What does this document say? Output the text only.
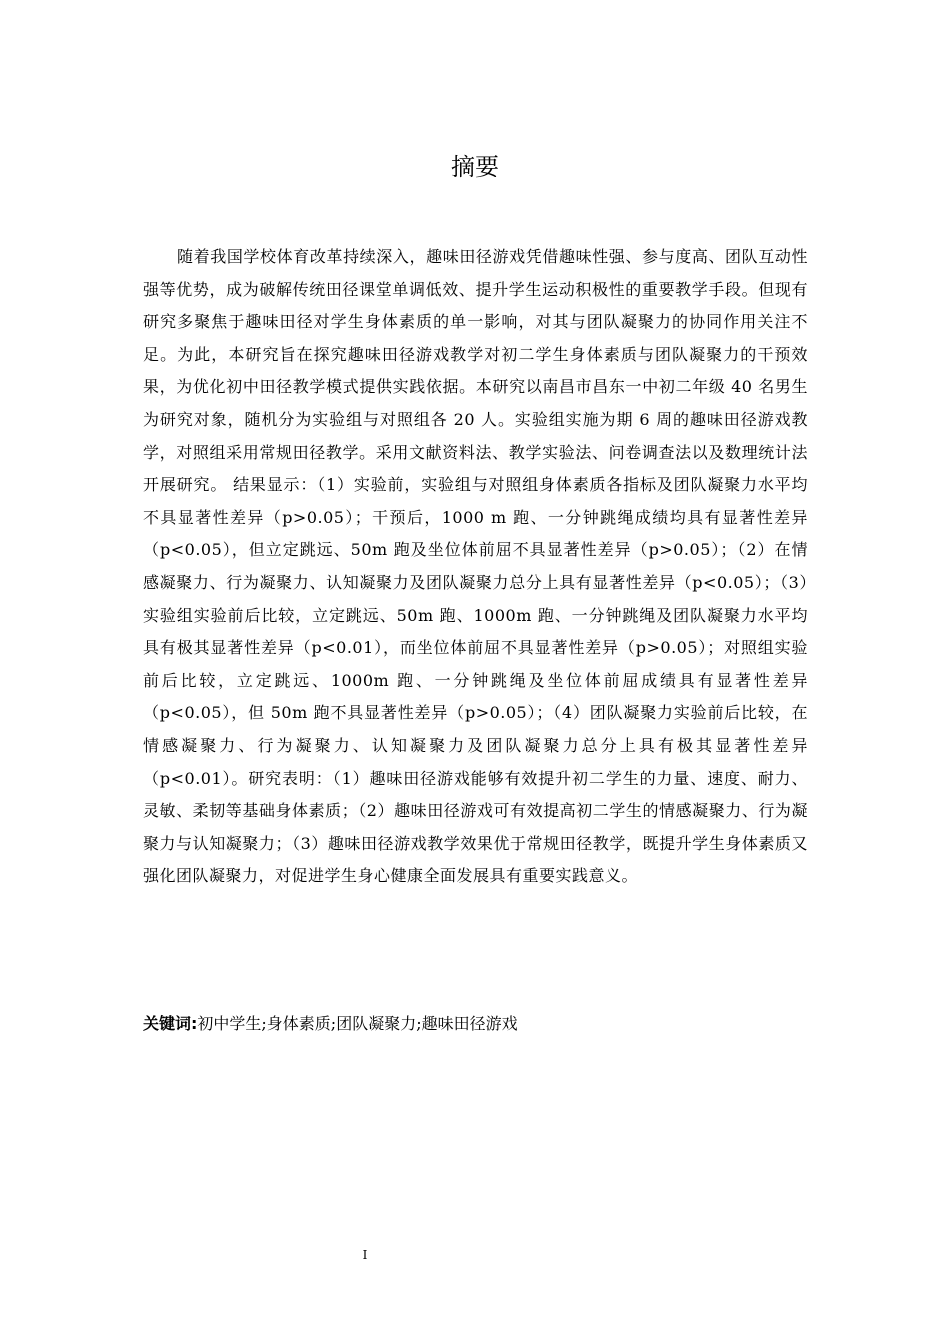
摘要

随着我国学校体育改革持续深入，趣味田径游戏凭借趣味性强、参与度高、团队互动性强等优势，成为破解传统田径课堂单调低效、提升学生运动积极性的重要教学手段。但现有研究多聚焦于趣味田径对学生身体素质的单一影响，对其与团队凝聚力的协同作用关注不足。为此，本研究旨在探究趣味田径游戏教学对初二学生身体素质与团队凝聚力的干预效果，为优化初中田径教学模式提供实践依据。本研究以南昌市昌东一中初二年级 40 名男生为研究对象，随机分为实验组与对照组各 20 人。实验组实施为期 6 周的趣味田径游戏教学，对照组采用常规田径教学。采用文献资料法、教学实验法、问卷调查法以及数理统计法开展研究。 结果显示：（1）实验前，实验组与对照组身体素质各指标及团队凝聚力水平均不具显著性差异（p>0.05）；干预后，1000 m 跑、一分钟跳绳成绩均具有显著性差异（p<0.05），但立定跳远、50m 跑及坐位体前屈不具显著性差异（p>0.05）；（2）在情感凝聚力、行为凝聚力、认知凝聚力及团队凝聚力总分上具有显著性差异（p<0.05）；（3）实验组实验前后比较，立定跳远、50m 跑、1000m 跑、一分钟跳绳及团队凝聚力水平均具有极其显著性差异（p<0.01），而坐位体前屈不具显著性差异（p>0.05）；对照组实验前后比较，立定跳远、1000m 跑、一分钟跳绳及坐位体前屈成绩具有显著性差异（p<0.05），但 50m 跑不具显著性差异（p>0.05）；（4）团队凝聚力实验前后比较，在情感凝聚力、行为凝聚力、认知凝聚力及团队凝聚力总分上具有极其显著性差异（p<0.01）。研究表明：（1）趣味田径游戏能够有效提升初二学生的力量、速度、耐力、灵敏、柔韧等基础身体素质；（2）趣味田径游戏可有效提高初二学生的情感凝聚力、行为凝聚力与认知凝聚力；（3）趣味田径游戏教学效果优于常规田径教学，既提升学生身体素质又强化团队凝聚力，对促进学生身心健康全面发展具有重要实践意义。

关键词:初中学生;身体素质;团队凝聚力;趣味田径游戏
I
